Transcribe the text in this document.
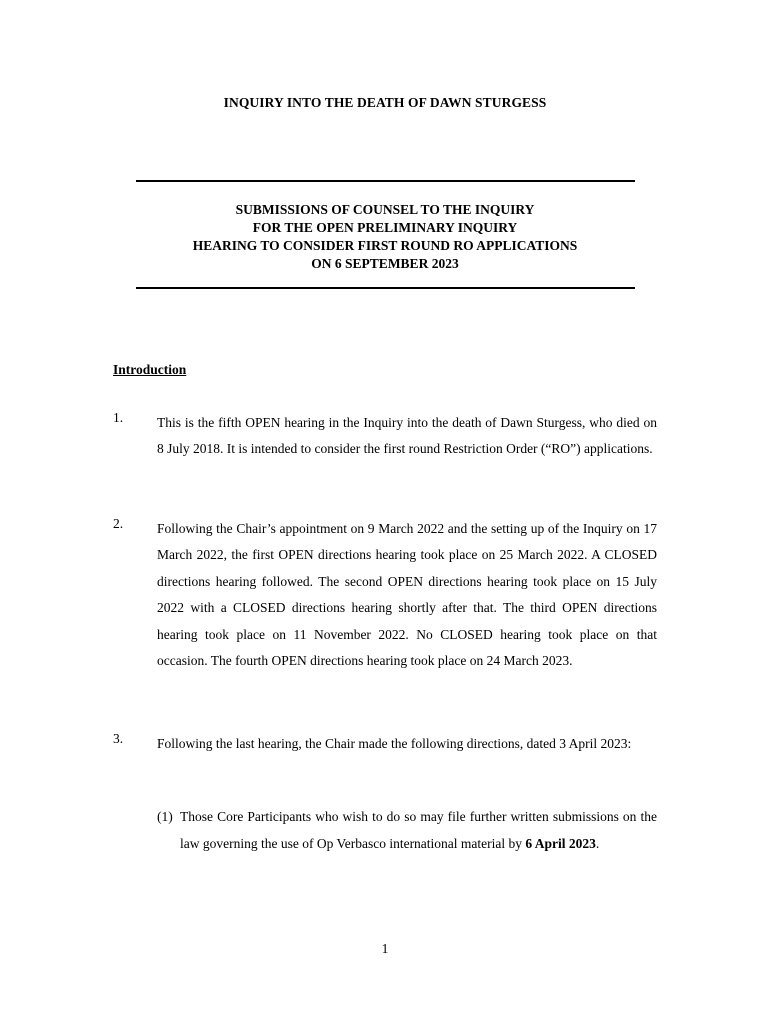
INQUIRY INTO THE DEATH OF DAWN STURGESS
SUBMISSIONS OF COUNSEL TO THE INQUIRY
FOR THE OPEN PRELIMINARY INQUIRY
HEARING TO CONSIDER FIRST ROUND RO APPLICATIONS
ON 6 SEPTEMBER 2023
Introduction
1.	This is the fifth OPEN hearing in the Inquiry into the death of Dawn Sturgess, who died on 8 July 2018. It is intended to consider the first round Restriction Order (“RO”) applications.
2.	Following the Chair’s appointment on 9 March 2022 and the setting up of the Inquiry on 17 March 2022, the first OPEN directions hearing took place on 25 March 2022. A CLOSED directions hearing followed. The second OPEN directions hearing took place on 15 July 2022 with a CLOSED directions hearing shortly after that. The third OPEN directions hearing took place on 11 November 2022. No CLOSED hearing took place on that occasion. The fourth OPEN directions hearing took place on 24 March 2023.
3.	Following the last hearing, the Chair made the following directions, dated 3 April 2023:
(1) Those Core Participants who wish to do so may file further written submissions on the law governing the use of Op Verbasco international material by 6 April 2023.
1
